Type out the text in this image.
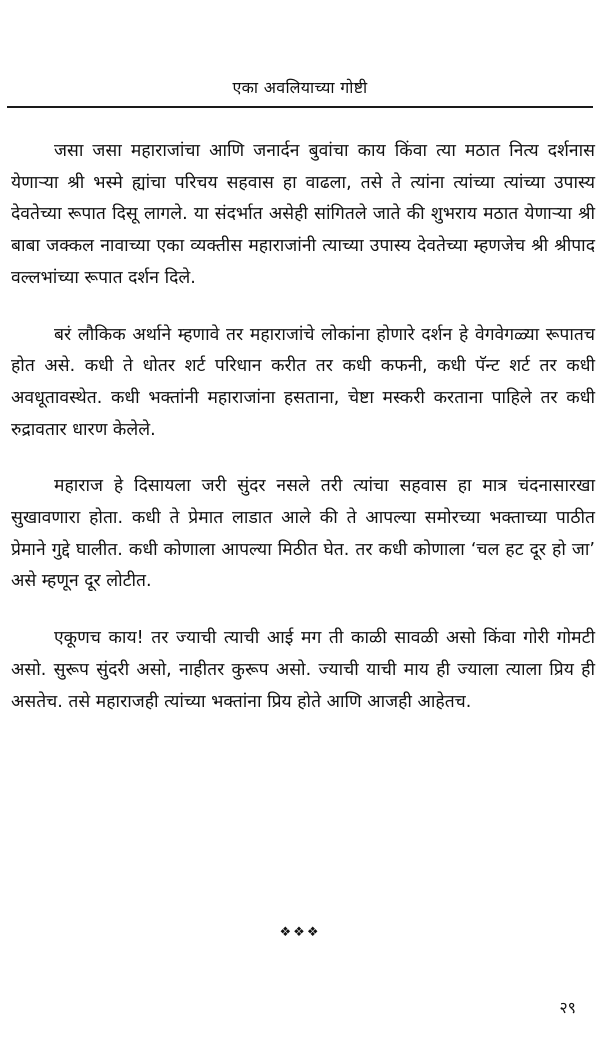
एका अवलियाच्या गोष्टी

जसा जसा महाराजांचा आणि जनार्दन बुवांचा काय किंवा त्या मठात नित्य दर्शनास येणाऱ्या श्री भस्मे ह्यांचा परिचय सहवास हा वाढला, तसे ते त्यांना त्यांच्या त्यांच्या उपास्य देवतेच्या रूपात दिसू लागले. या संदर्भात असेही सांगितले जाते की शुभराय मठात येणाऱ्या श्री बाबा जक्कल नावाच्या एका व्यक्तीस महाराजांनी त्याच्या उपास्य देवतेच्या म्हणजेच श्री श्रीपाद वल्लभांच्या रूपात दर्शन दिले.

बरं लौकिक अर्थाने म्हणावे तर महाराजांचे लोकांना होणारे दर्शन हे वेगवेगळ्या रूपातच होत असे. कधी ते धोतर शर्ट परिधान करीत तर कधी कफनी, कधी पॅन्ट शर्ट तर कधी अवधूतावस्थेत. कधी भक्तांनी महाराजांना हसताना, चेष्टा मस्करी करताना पाहिले तर कधी रुद्रावतार धारण केलेले.

महाराज हे दिसायला जरी सुंदर नसले तरी त्यांचा सहवास हा मात्र चंदनासारखा सुखावणारा होता. कधी ते प्रेमात लाडात आले की ते आपल्या समोरच्या भक्ताच्या पाठीत प्रेमाने गुद्दे घालीत. कधी कोणाला आपल्या मिठीत घेत. तर कधी कोणाला ‘चल हट दूर हो जा’ असे म्हणून दूर लोटीत.

एकूणच काय! तर ज्याची त्याची आई मग ती काळी सावळी असो किंवा गोरी गोमटी असो. सुरूप सुंदरी असो, नाहीतर कुरूप असो. ज्याची याची माय ही ज्याला त्याला प्रिय ही असतेच. तसे महाराजही त्यांच्या भक्तांना प्रिय होते आणि आजही आहेतच.

❖❖❖
२९
